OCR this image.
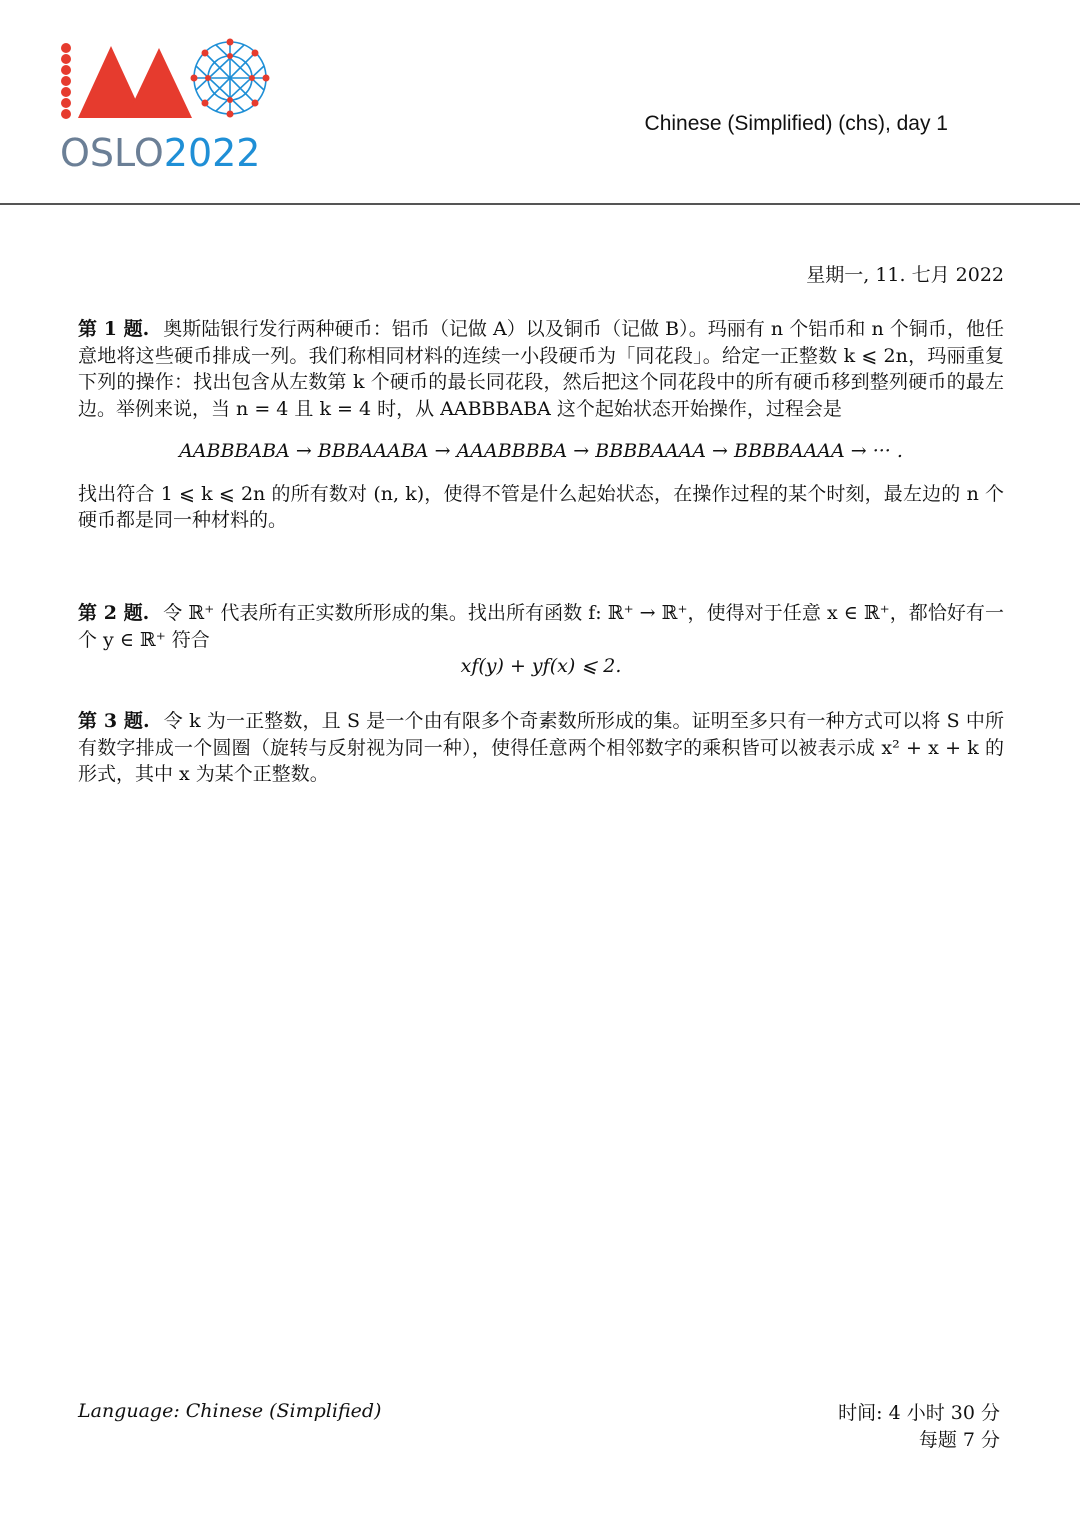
OSLO2022
Chinese (Simplified) (chs), day 1
星期一, 11. 七月 2022
第 1 题. 奥斯陆银行发行两种硬币：铝币（记做 A）以及铜币（记做 B）。玛丽有 n 个铝币和 n 个铜币，他任意地将这些硬币排成一列。我们称相同材料的连续一小段硬币为「同花段」。给定一正整数 k ⩽ 2n，玛丽重复下列的操作：找出包含从左数第 k 个硬币的最长同花段，然后把这个同花段中的所有硬币移到整列硬币的最左边。举例来说，当 n = 4 且 k = 4 时，从 AABBBABA 这个起始状态开始操作，过程会是
AABBBABA → BBBAAABA → AAABBBBA → BBBBAAAA → BBBBAAAA → ··· .
找出符合 1 ⩽ k ⩽ 2n 的所有数对 (n, k)，使得不管是什么起始状态，在操作过程的某个时刻，最左边的 n 个硬币都是同一种材料的。
第 2 题. 令 ℝ⁺ 代表所有正实数所形成的集。找出所有函数 f: ℝ⁺ → ℝ⁺，使得对于任意 x ∈ ℝ⁺，都恰好有一个 y ∈ ℝ⁺ 符合
xf(y) + yf(x) ⩽ 2.
第 3 题. 令 k 为一正整数，且 S 是一个由有限多个奇素数所形成的集。证明至多只有一种方式可以将 S 中所有数字排成一个圆圈（旋转与反射视为同一种），使得任意两个相邻数字的乘积皆可以被表示成 x² + x + k 的形式，其中 x 为某个正整数。
Language: Chinese (Simplified)	时间: 4 小时 30 分
每题 7 分
